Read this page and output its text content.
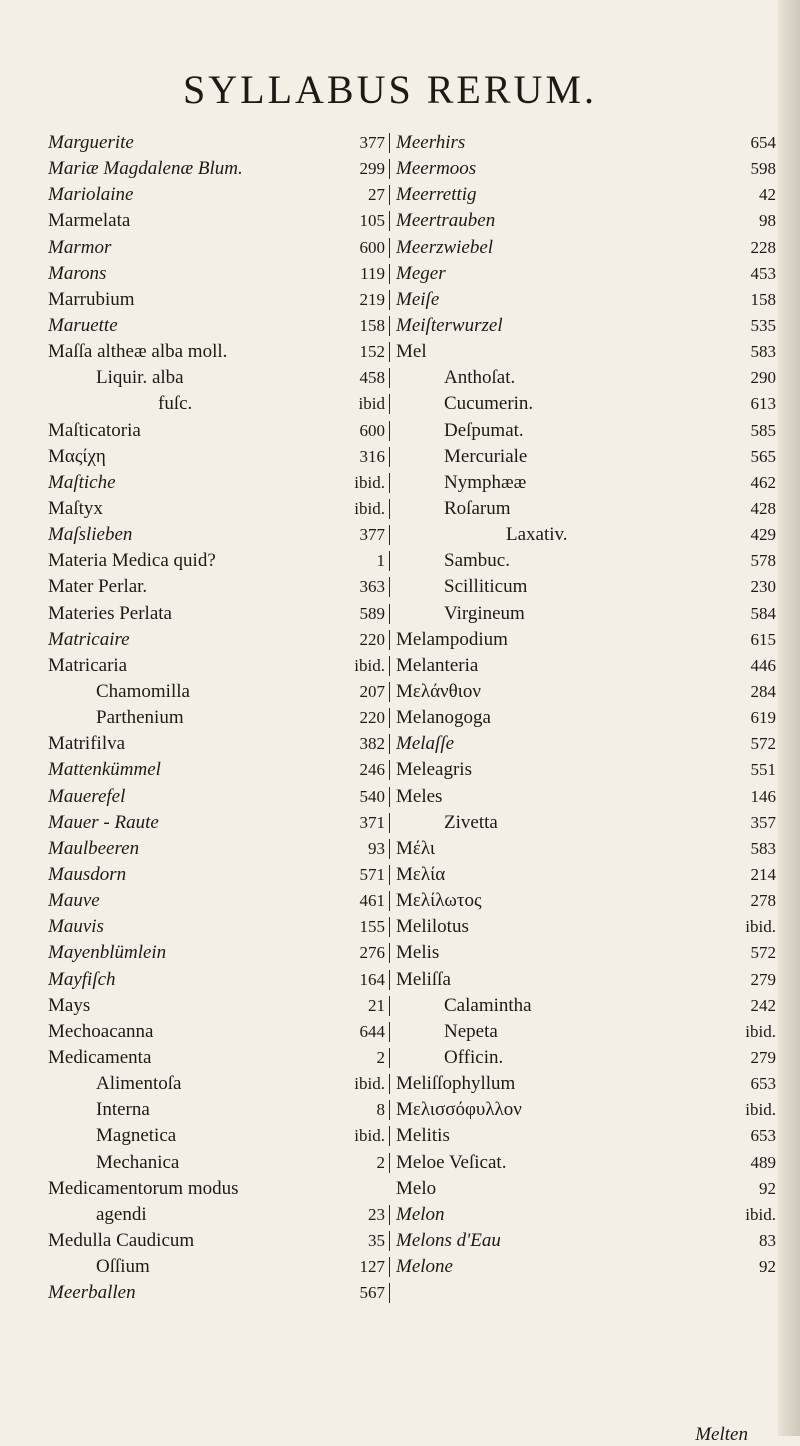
SYLLABUS RERUM.
Marguerite	377
Mariæ Magdalenæ Blum.	299
Mariolaine	27
Marmelata	105
Marmor	600
Marons	119
Marrubium	219
Maruette	158
Maſſa altheæ alba moll.	152
Liquir. alba	458
fuſc.	ibid
Maſticatoria	600
Μαςίχη	316
Maſtiche	ibid.
Maſtyx	ibid.
Maſslieben	377
Materia Medica quid?	1
Mater Perlar.	363
Materies Perlata	589
Matricaire	220
Matricaria	ibid.
Chamomilla	207
Parthenium	220
Matrifilva	382
Mattenkümmel	246
Mauerefel	540
Mauer - Raute	371
Maulbeeren	93
Mausdorn	571
Mauve	461
Mauvis	155
Mayenblümlein	276
Mayfiſch	164
Mays	21
Mechoacanna	644
Medicamenta	2
Alimentoſa	ibid.
Interna	8
Magnetica	ibid.
Mechanica	2
Medicamentorum modus
agendi	23
Medulla Caudicum	35
Oſſium	127
Meerballen	567
Meerhirs	654
Meermoos	598
Meerrettig	42
Meertrauben	98
Meerzwiebel	228
Meger	453
Meiſe	158
Meiſterwurzel	535
Mel	583
Anthoſat.	290
Cucumerin.	613
Deſpumat.	585
Mercuriale	565
Nymphææ	462
Roſarum	428
Laxativ.	429
Sambuc.	578
Scilliticum	230
Virgineum	584
Melampodium	615
Melanteria	446
Μελάνθιον	284
Melanogoga	619
Melaſſe	572
Meleagris	551
Meles	146
Zivetta	357
Μέλι	583
Μελία	214
Μελίλωτος	278
Melilotus	ibid.
Melis	572
Meliſſa	279
Calamintha	242
Nepeta	ibid.
Officin.	279
Meliſſophyllum	653
Μελισσόφυλλον	ibid.
Melitis	653
Meloe Veſicat.	489
Melo	92
Melon	ibid.
Melons d'Eau	83
Melone	92
Melten
